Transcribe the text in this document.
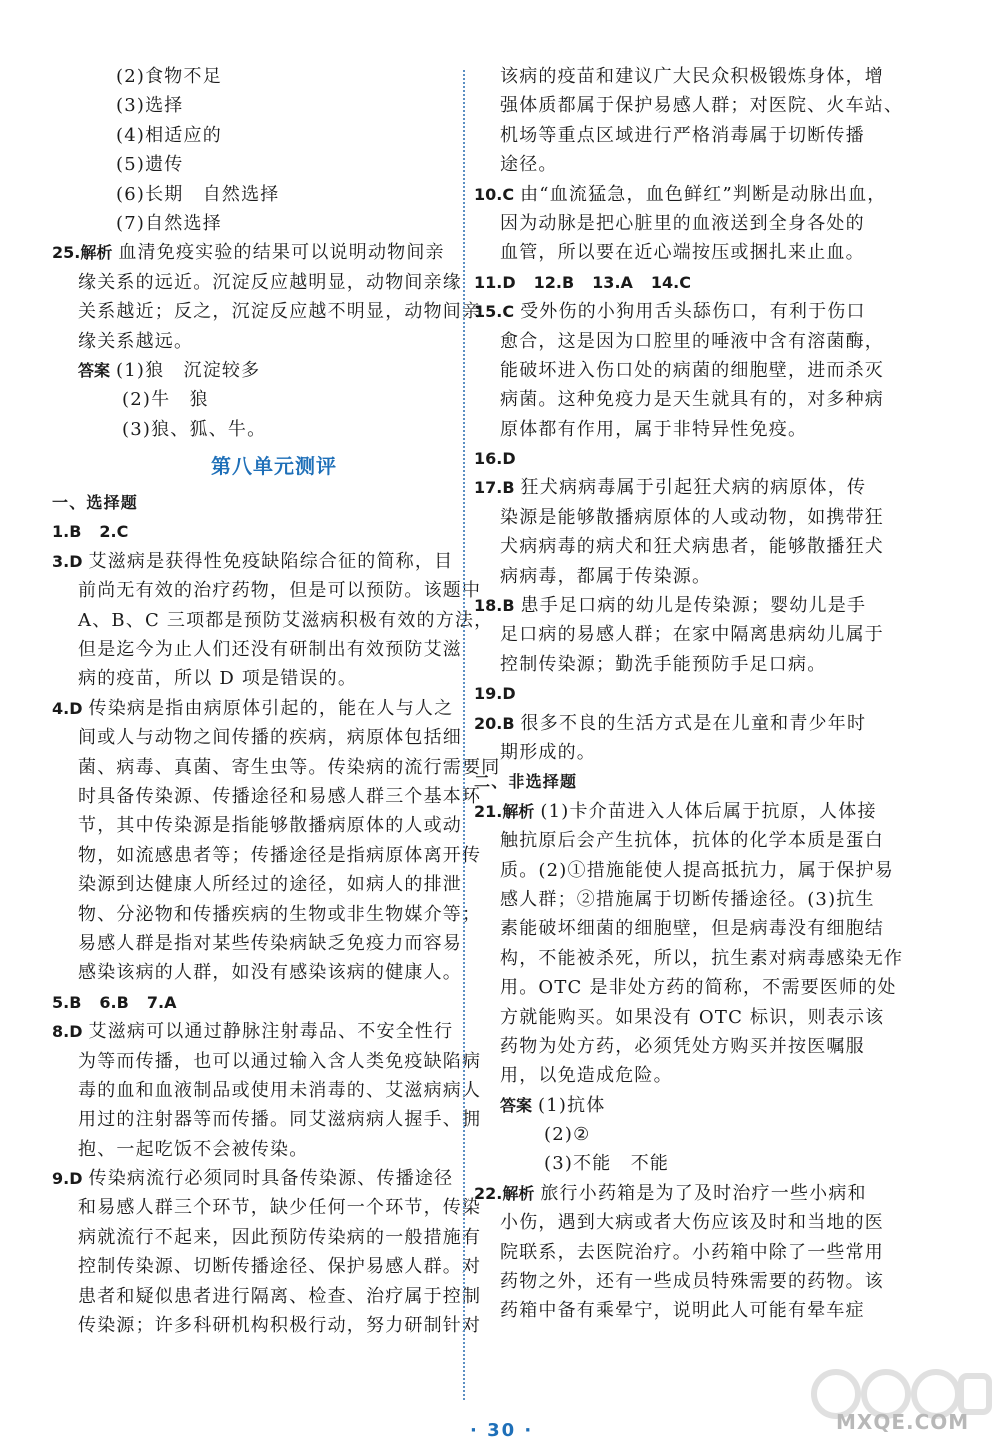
(2)食物不足
(3)选择
(4)相适应的
(5)遗传
(6)长期　自然选择
(7)自然选择
25.解析 血清免疫实验的结果可以说明动物间亲
缘关系的远近。沉淀反应越明显，动物间亲缘
关系越近；反之，沉淀反应越不明显，动物间亲
缘关系越远。
答案 (1)狼　沉淀较多
(2)牛　狼
(3)狼、狐、牛。
第八单元测评
一、选择题
1.B 2.C
3.D 艾滋病是获得性免疫缺陷综合征的简称，目
前尚无有效的治疗药物，但是可以预防。该题中
A、B、C 三项都是预防艾滋病积极有效的方法，
但是迄今为止人们还没有研制出有效预防艾滋
病的疫苗，所以 D 项是错误的。
4.D 传染病是指由病原体引起的，能在人与人之
间或人与动物之间传播的疾病，病原体包括细
菌、病毒、真菌、寄生虫等。传染病的流行需要同
时具备传染源、传播途径和易感人群三个基本环
节，其中传染源是指能够散播病原体的人或动
物，如流感患者等；传播途径是指病原体离开传
染源到达健康人所经过的途径，如病人的排泄
物、分泌物和传播疾病的生物或非生物媒介等；
易感人群是指对某些传染病缺乏免疫力而容易
感染该病的人群，如没有感染该病的健康人。
5.B 6.B 7.A
8.D 艾滋病可以通过静脉注射毒品、不安全性行
为等而传播，也可以通过输入含人类免疫缺陷病
毒的血和血液制品或使用未消毒的、艾滋病病人
用过的注射器等而传播。同艾滋病病人握手、拥
抱、一起吃饭不会被传染。
9.D 传染病流行必须同时具备传染源、传播途径
和易感人群三个环节，缺少任何一个环节，传染
病就流行不起来，因此预防传染病的一般措施有
控制传染源、切断传播途径、保护易感人群。对
患者和疑似患者进行隔离、检查、治疗属于控制
传染源；许多科研机构积极行动，努力研制针对
该病的疫苗和建议广大民众积极锻炼身体，增
强体质都属于保护易感人群；对医院、火车站、
机场等重点区域进行严格消毒属于切断传播
途径。
10.C 由“血流猛急，血色鲜红”判断是动脉出血，
因为动脉是把心脏里的血液送到全身各处的
血管，所以要在近心端按压或捆扎来止血。
11.D 12.B 13.A 14.C
15.C 受外伤的小狗用舌头舔伤口，有利于伤口
愈合，这是因为口腔里的唾液中含有溶菌酶，
能破坏进入伤口处的病菌的细胞壁，进而杀灭
病菌。这种免疫力是天生就具有的，对多种病
原体都有作用，属于非特异性免疫。
16.D
17.B 狂犬病病毒属于引起狂犬病的病原体，传
染源是能够散播病原体的人或动物，如携带狂
犬病病毒的病犬和狂犬病患者，能够散播狂犬
病病毒，都属于传染源。
18.B 患手足口病的幼儿是传染源；婴幼儿是手
足口病的易感人群；在家中隔离患病幼儿属于
控制传染源；勤洗手能预防手足口病。
19.D
20.B 很多不良的生活方式是在儿童和青少年时
期形成的。
二、非选择题
21.解析 (1)卡介苗进入人体后属于抗原，人体接
触抗原后会产生抗体，抗体的化学本质是蛋白
质。(2)①措施能使人提高抵抗力，属于保护易
感人群；②措施属于切断传播途径。(3)抗生
素能破坏细菌的细胞壁，但是病毒没有细胞结
构，不能被杀死，所以，抗生素对病毒感染无作
用。OTC 是非处方药的简称，不需要医师的处
方就能购买。如果没有 OTC 标识，则表示该
药物为处方药，必须凭处方购买并按医嘱服
用，以免造成危险。
答案 (1)抗体
(2)②
(3)不能　不能
22.解析 旅行小药箱是为了及时治疗一些小病和
小伤，遇到大病或者大伤应该及时和当地的医
院联系，去医院治疗。小药箱中除了一些常用
药物之外，还有一些成员特殊需要的药物。该
药箱中备有乘晕宁，说明此人可能有晕车症
· 30 ·	MXQE.COM
